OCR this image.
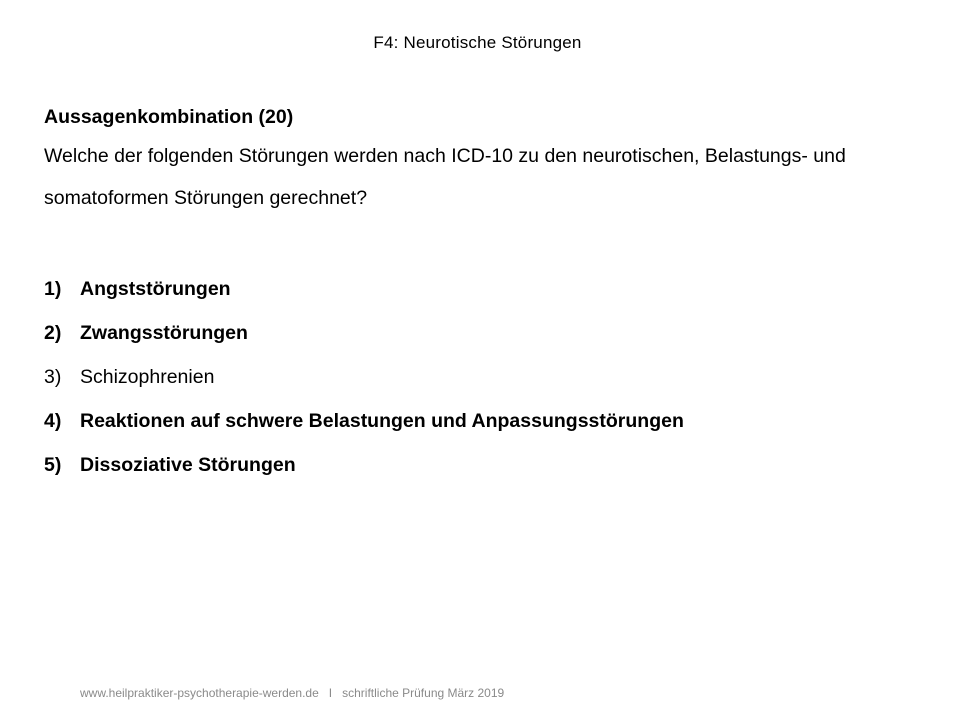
F4: Neurotische Störungen

Aussagenkombination (20)

Welche der folgenden Störungen werden nach ICD-10 zu den neurotischen, Belastungs- und somatoformen Störungen gerechnet?

1) Angststörungen
2) Zwangsstörungen
3) Schizophrenien
4) Reaktionen auf schwere Belastungen und Anpassungsstörungen
5) Dissoziative Störungen
www.heilpraktiker-psychotherapie-werden.de   I   schriftliche Prüfung März 2019
